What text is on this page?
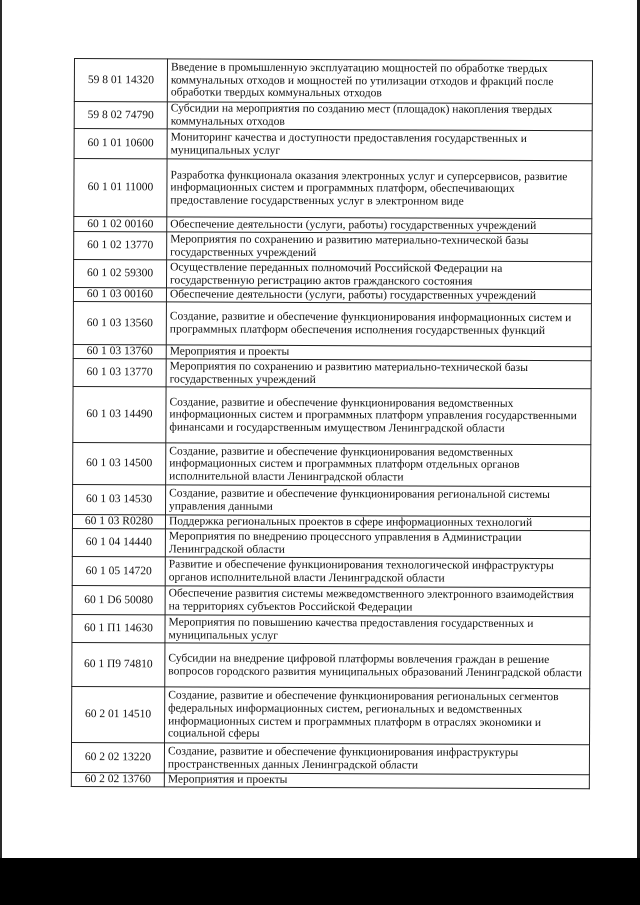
59 8 01 14320	Введение в промышленную эксплуатацию мощностей по обработке твердых коммунальных отходов и мощностей по утилизации отходов и фракций после обработки твердых коммунальных отходов
59 8 02 74790	Субсидии на мероприятия по созданию мест (площадок) накопления твердых коммунальных отходов
60 1 01 10600	Мониторинг качества и доступности предоставления государственных и муниципальных услуг
60 1 01 11000	Разработка функционала оказания электронных услуг и суперсервисов, развитие информационных систем и программных платформ, обеспечивающих предоставление государственных услуг в электронном виде
60 1 02 00160	Обеспечение деятельности (услуги, работы) государственных учреждений
60 1 02 13770	Мероприятия по сохранению и развитию материально-технической базы государственных учреждений
60 1 02 59300	Осуществление переданных полномочий Российской Федерации на государственную регистрацию актов гражданского состояния
60 1 03 00160	Обеспечение деятельности (услуги, работы) государственных учреждений
60 1 03 13560	Создание, развитие и обеспечение функционирования информационных систем и программных платформ обеспечения исполнения государственных функций
60 1 03 13760	Мероприятия и проекты
60 1 03 13770	Мероприятия по сохранению и развитию материально-технической базы государственных учреждений
60 1 03 14490	Создание, развитие и обеспечение функционирования ведомственных информационных систем и программных платформ управления государственными финансами и государственным имуществом Ленинградской области
60 1 03 14500	Создание, развитие и обеспечение функционирования ведомственных информационных систем и программных платформ отдельных органов исполнительной власти Ленинградской области
60 1 03 14530	Создание, развитие и обеспечение функционирования региональной системы управления данными
60 1 03 R0280	Поддержка региональных проектов в сфере информационных технологий
60 1 04 14440	Мероприятия по внедрению процессного управления в Администрации Ленинградской области
60 1 05 14720	Развитие и обеспечение функционирования технологической инфраструктуры органов исполнительной власти Ленинградской области
60 1 D6 50080	Обеспечение развития системы межведомственного электронного взаимодействия на территориях субъектов Российской Федерации
60 1 П1 14630	Мероприятия по повышению качества предоставления государственных и муниципальных услуг
60 1 П9 74810	Субсидии на внедрение цифровой платформы вовлечения граждан в решение вопросов городского развития муниципальных образований Ленинградской области
60 2 01 14510	Создание, развитие и обеспечение функционирования региональных сегментов федеральных информационных систем, региональных и ведомственных информационных систем и программных платформ в отраслях экономики и социальной сферы
60 2 02 13220	Создание, развитие и обеспечение функционирования инфраструктуры пространственных данных Ленинградской области
60 2 02 13760	Мероприятия и проекты
